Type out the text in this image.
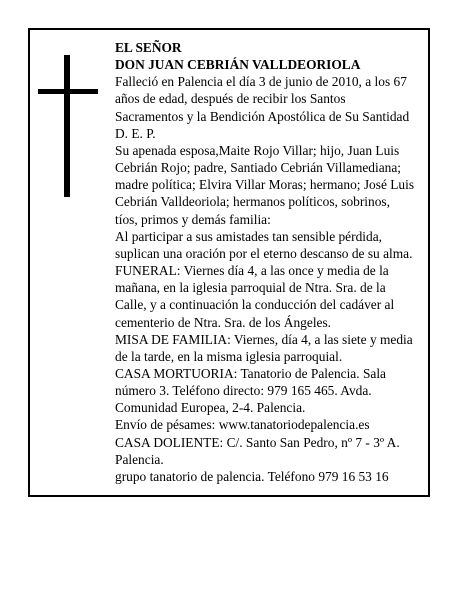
EL SEÑOR
DON JUAN CEBRIÁN VALLDEORIOLA
Falleció en Palencia el día 3 de junio de 2010, a los 67
años de edad, después de recibir los Santos
Sacramentos y la Bendición Apostólica de Su Santidad
D. E. P.
Su apenada esposa,Maite Rojo Villar; hijo, Juan Luis
Cebrián Rojo; padre, Santiado Cebrián Villamediana;
madre política; Elvira Villar Moras; hermano; José Luis
Cebrián Valldeoriola; hermanos políticos, sobrinos,
tíos, primos y demás familia:
Al participar a sus amistades tan sensible pérdida,
suplican una oración por el eterno descanso de su alma.
FUNERAL: Viernes día 4, a las once y media de la
mañana, en la iglesia parroquial de Ntra. Sra. de la
Calle, y a continuación la conducción del cadáver al
cementerio de Ntra. Sra. de los Ángeles.
MISA DE FAMILIA: Viernes, día 4, a las siete y media
de la tarde, en la misma iglesia parroquial.
CASA MORTUORIA: Tanatorio de Palencia. Sala
número 3. Teléfono directo: 979 165 465. Avda.
Comunidad Europea, 2-4. Palencia.
Envío de pésames: www.tanatoriodepalencia.es
CASA DOLIENTE: C/. Santo San Pedro, nº 7 - 3º A.
Palencia.
grupo tanatorio de palencia. Teléfono 979 16 53 16
